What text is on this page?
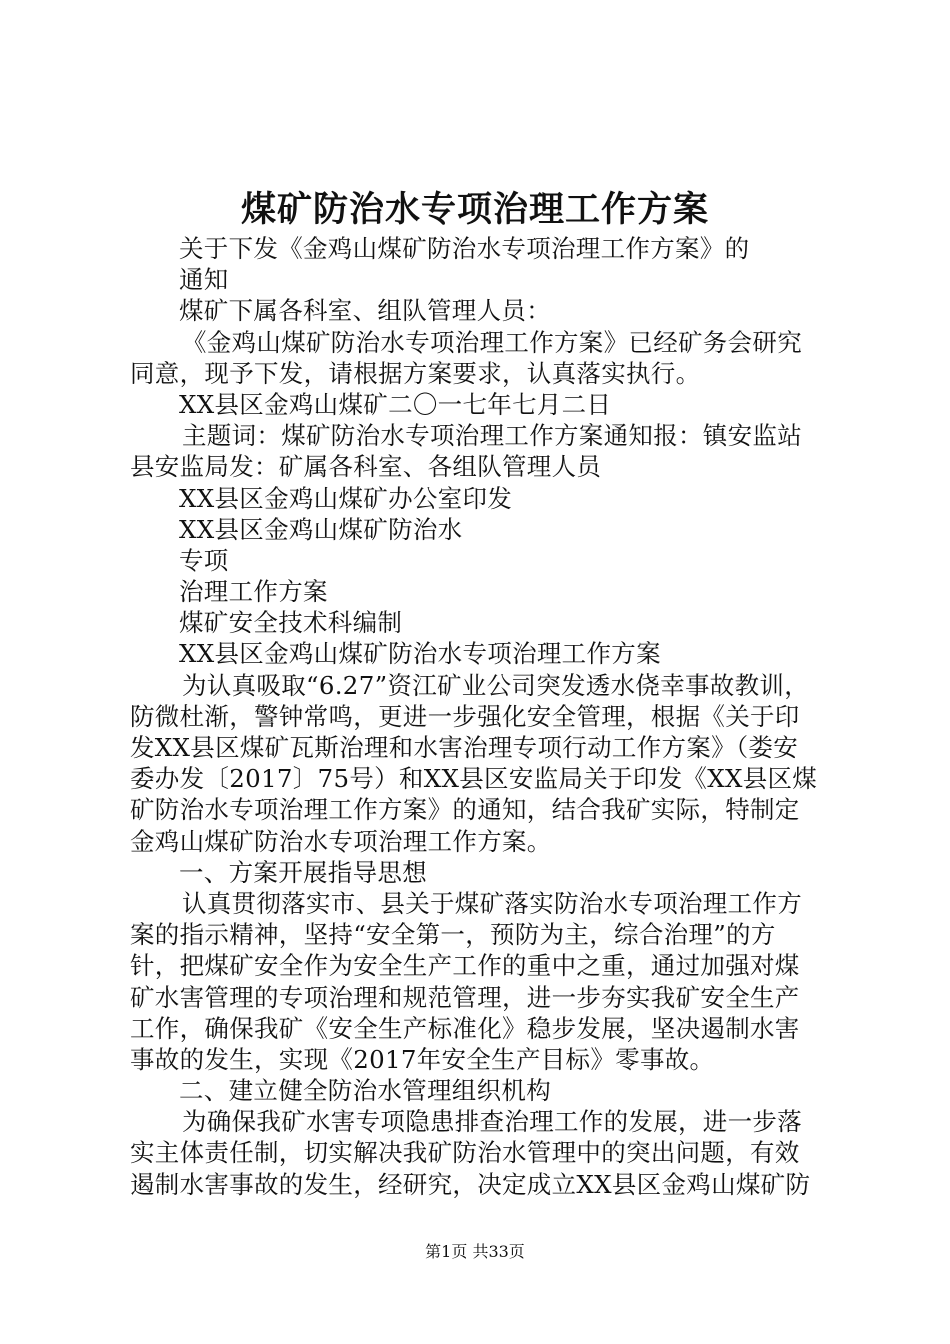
煤矿防治水专项治理工作方案
关于下发《金鸡山煤矿防治水专项治理工作方案》的
通知
煤矿下属各科室、组队管理人员：
《金鸡山煤矿防治水专项治理工作方案》已经矿务会研究
同意，现予下发，请根据方案要求，认真落实执行。
XX县区金鸡山煤矿二〇一七年七月二日
主题词：煤矿防治水专项治理工作方案通知报：镇安监站
县安监局发：矿属各科室、各组队管理人员
XX县区金鸡山煤矿办公室印发
XX县区金鸡山煤矿防治水
专项
治理工作方案
煤矿安全技术科编制
XX县区金鸡山煤矿防治水专项治理工作方案
为认真吸取“6.27”资江矿业公司突发透水侥幸事故教训，
防微杜渐，警钟常鸣，更进一步强化安全管理，根据《关于印
发XX县区煤矿瓦斯治理和水害治理专项行动工作方案》（娄安
委办发〔2017〕75号）和XX县区安监局关于印发《XX县区煤
矿防治水专项治理工作方案》的通知，结合我矿实际，特制定
金鸡山煤矿防治水专项治理工作方案。
一、方案开展指导思想
认真贯彻落实市、县关于煤矿落实防治水专项治理工作方
案的指示精神，坚持“安全第一，预防为主，综合治理”的方
针，把煤矿安全作为安全生产工作的重中之重，通过加强对煤
矿水害管理的专项治理和规范管理，进一步夯实我矿安全生产
工作，确保我矿《安全生产标准化》稳步发展，坚决遏制水害
事故的发生，实现《2017年安全生产目标》零事故。
二、建立健全防治水管理组织机构
为确保我矿水害专项隐患排查治理工作的发展，进一步落
实主体责任制，切实解决我矿防治水管理中的突出问题，有效
遏制水害事故的发生，经研究，决定成立XX县区金鸡山煤矿防
第1页 共33页
